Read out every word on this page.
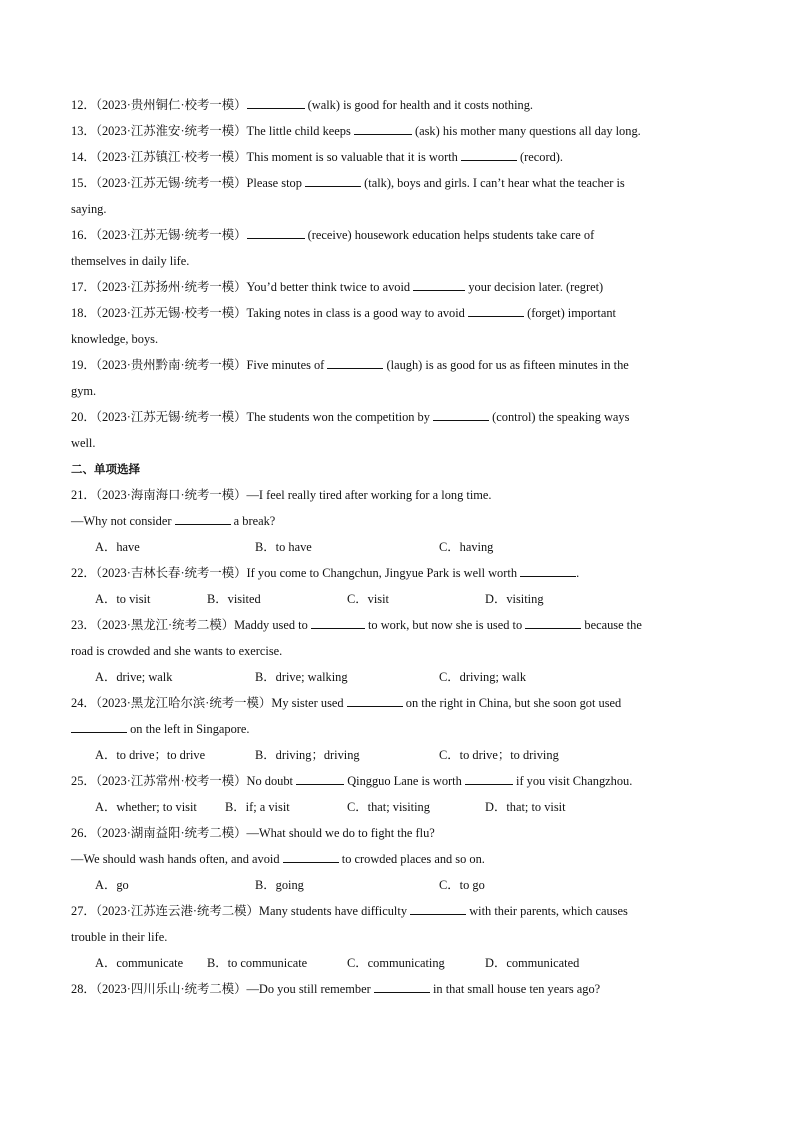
12．（2023·贵州铜仁·校考一模）	(walk) is good for health and it costs nothing.
13．（2023·江苏淮安·统考一模）The little child keeps	(ask) his mother many questions all day long.
14．（2023·江苏镇江·校考一模）This moment is so valuable that it is worth	(record).
15．（2023·江苏无锡·统考一模）Please stop	(talk), boys and girls. I can’t hear what the teacher is
saying.
16．（2023·江苏无锡·统考一模）	(receive) housework education helps students take care of
themselves in daily life.
17．（2023·江苏扬州·统考一模）You’d better think twice to avoid	your decision later. (regret)
18．（2023·江苏无锡·校考一模）Taking notes in class is a good way to avoid	(forget) important
knowledge, boys.
19．（2023·贵州黔南·统考一模）Five minutes of	(laugh) is as good for us as fifteen minutes in the
gym.
20．（2023·江苏无锡·统考一模）The students won the competition by	(control) the speaking ways
well.
二、单项选择
21．（2023·海南海口·统考一模）—I feel really tired after working for a long time.
—Why not consider	a break?
A．have	B．to have	C．having
22．（2023·吉林长春·统考一模）If you come to Changchun, Jingyue Park is well worth	.
A．to visit	B．visited	C．visit	D．visiting
23．（2023·黑龙江·统考二模）Maddy used to	to work, but now she is used to	because the
road is crowded and she wants to exercise.
A．drive; walk	B．drive; walking	C．driving; walk
24．（2023·黑龙江哈尔滨·统考一模）My sister used	on the right in China, but she soon got used
on the left in Singapore.
A．to drive；to drive	B．driving；driving	C．to drive；to driving
25．（2023·江苏常州·校考一模）No doubt	Qingguo Lane is worth	if you visit Changzhou.
A．whether; to visit B．if; a visit	C．that; visiting	D．that; to visit
26．（2023·湖南益阳·统考二模）—What should we do to fight the flu?
—We should wash hands often, and avoid	to crowded places and so on.
A．go	B．going	C．to go
27．（2023·江苏连云港·统考二模）Many students have difficulty	with their parents, which causes
trouble in their life.
A．communicate B．to communicate	C．communicating	D．communicated
28．（2023·四川乐山·统考二模）—Do you still remember	in that small house ten years ago?
